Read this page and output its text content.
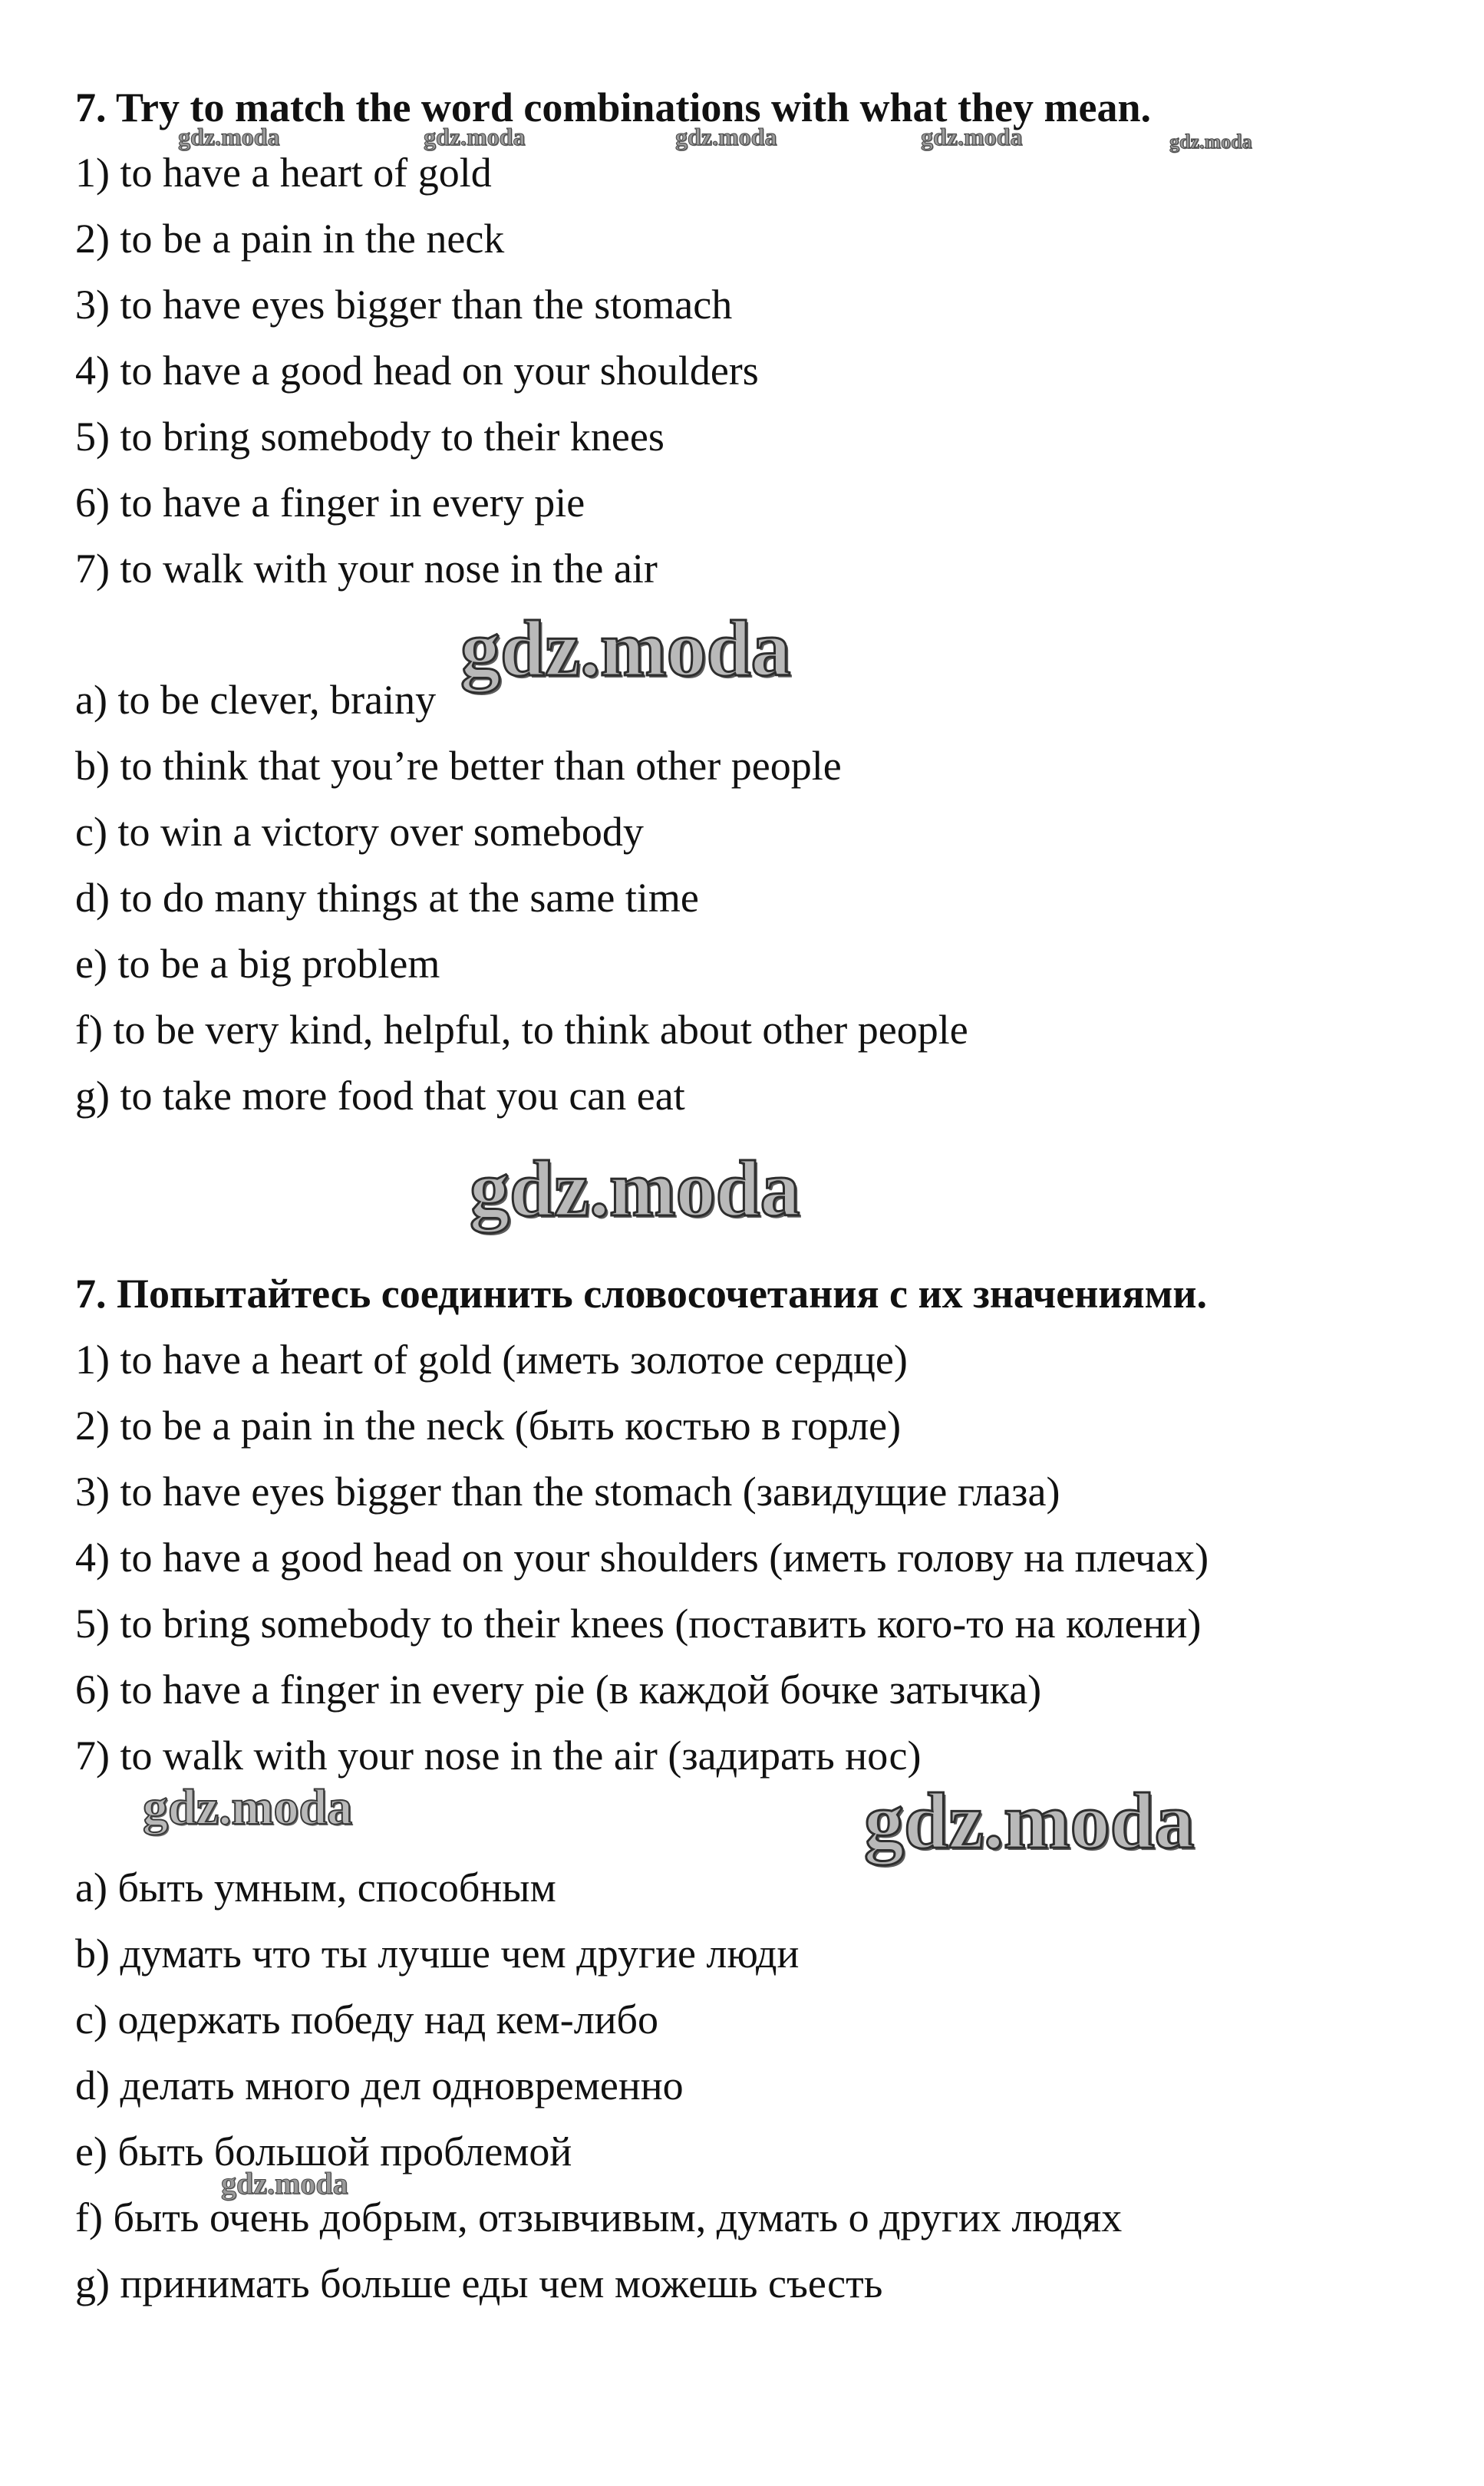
7. Try to match the word combinations with what they mean.
1) to have a heart of gold
2) to be a pain in the neck
3) to have eyes bigger than the stomach
4) to have a good head on your shoulders
5) to bring somebody to their knees
6) to have a finger in every pie
7) to walk with your nose in the air
a) to be clever, brainy
b) to think that you’re better than other people
c) to win a victory over somebody
d) to do many things at the same time
e) to be a big problem
f) to be very kind, helpful, to think about other people
g) to take more food that you can eat
7. Попытайтесь соединить словосочетания с их значениями.
1) to have a heart of gold (иметь золотое сердце)
2) to be a pain in the neck (быть костью в горле)
3) to have eyes bigger than the stomach (завидущие глаза)
4) to have a good head on your shoulders (иметь голову на плечах)
5) to bring somebody to their knees (поставить кого-то на колени)
6) to have a finger in every pie (в каждой бочке затычка)
7) to walk with your nose in the air (задирать нос)
a) быть умным, способным
b) думать что ты лучше чем другие люди
c) одержать победу над кем-либо
d) делать много дел одновременно
e) быть большой проблемой
f) быть очень добрым, отзывчивым, думать о других людях
g) принимать больше еды чем можешь съесть
gdz.moda	gdz.moda	gdz.moda	gdz.moda	gdz.moda
gdz.moda
gdz.moda
gdz.moda	gdz.moda
gdz.moda
